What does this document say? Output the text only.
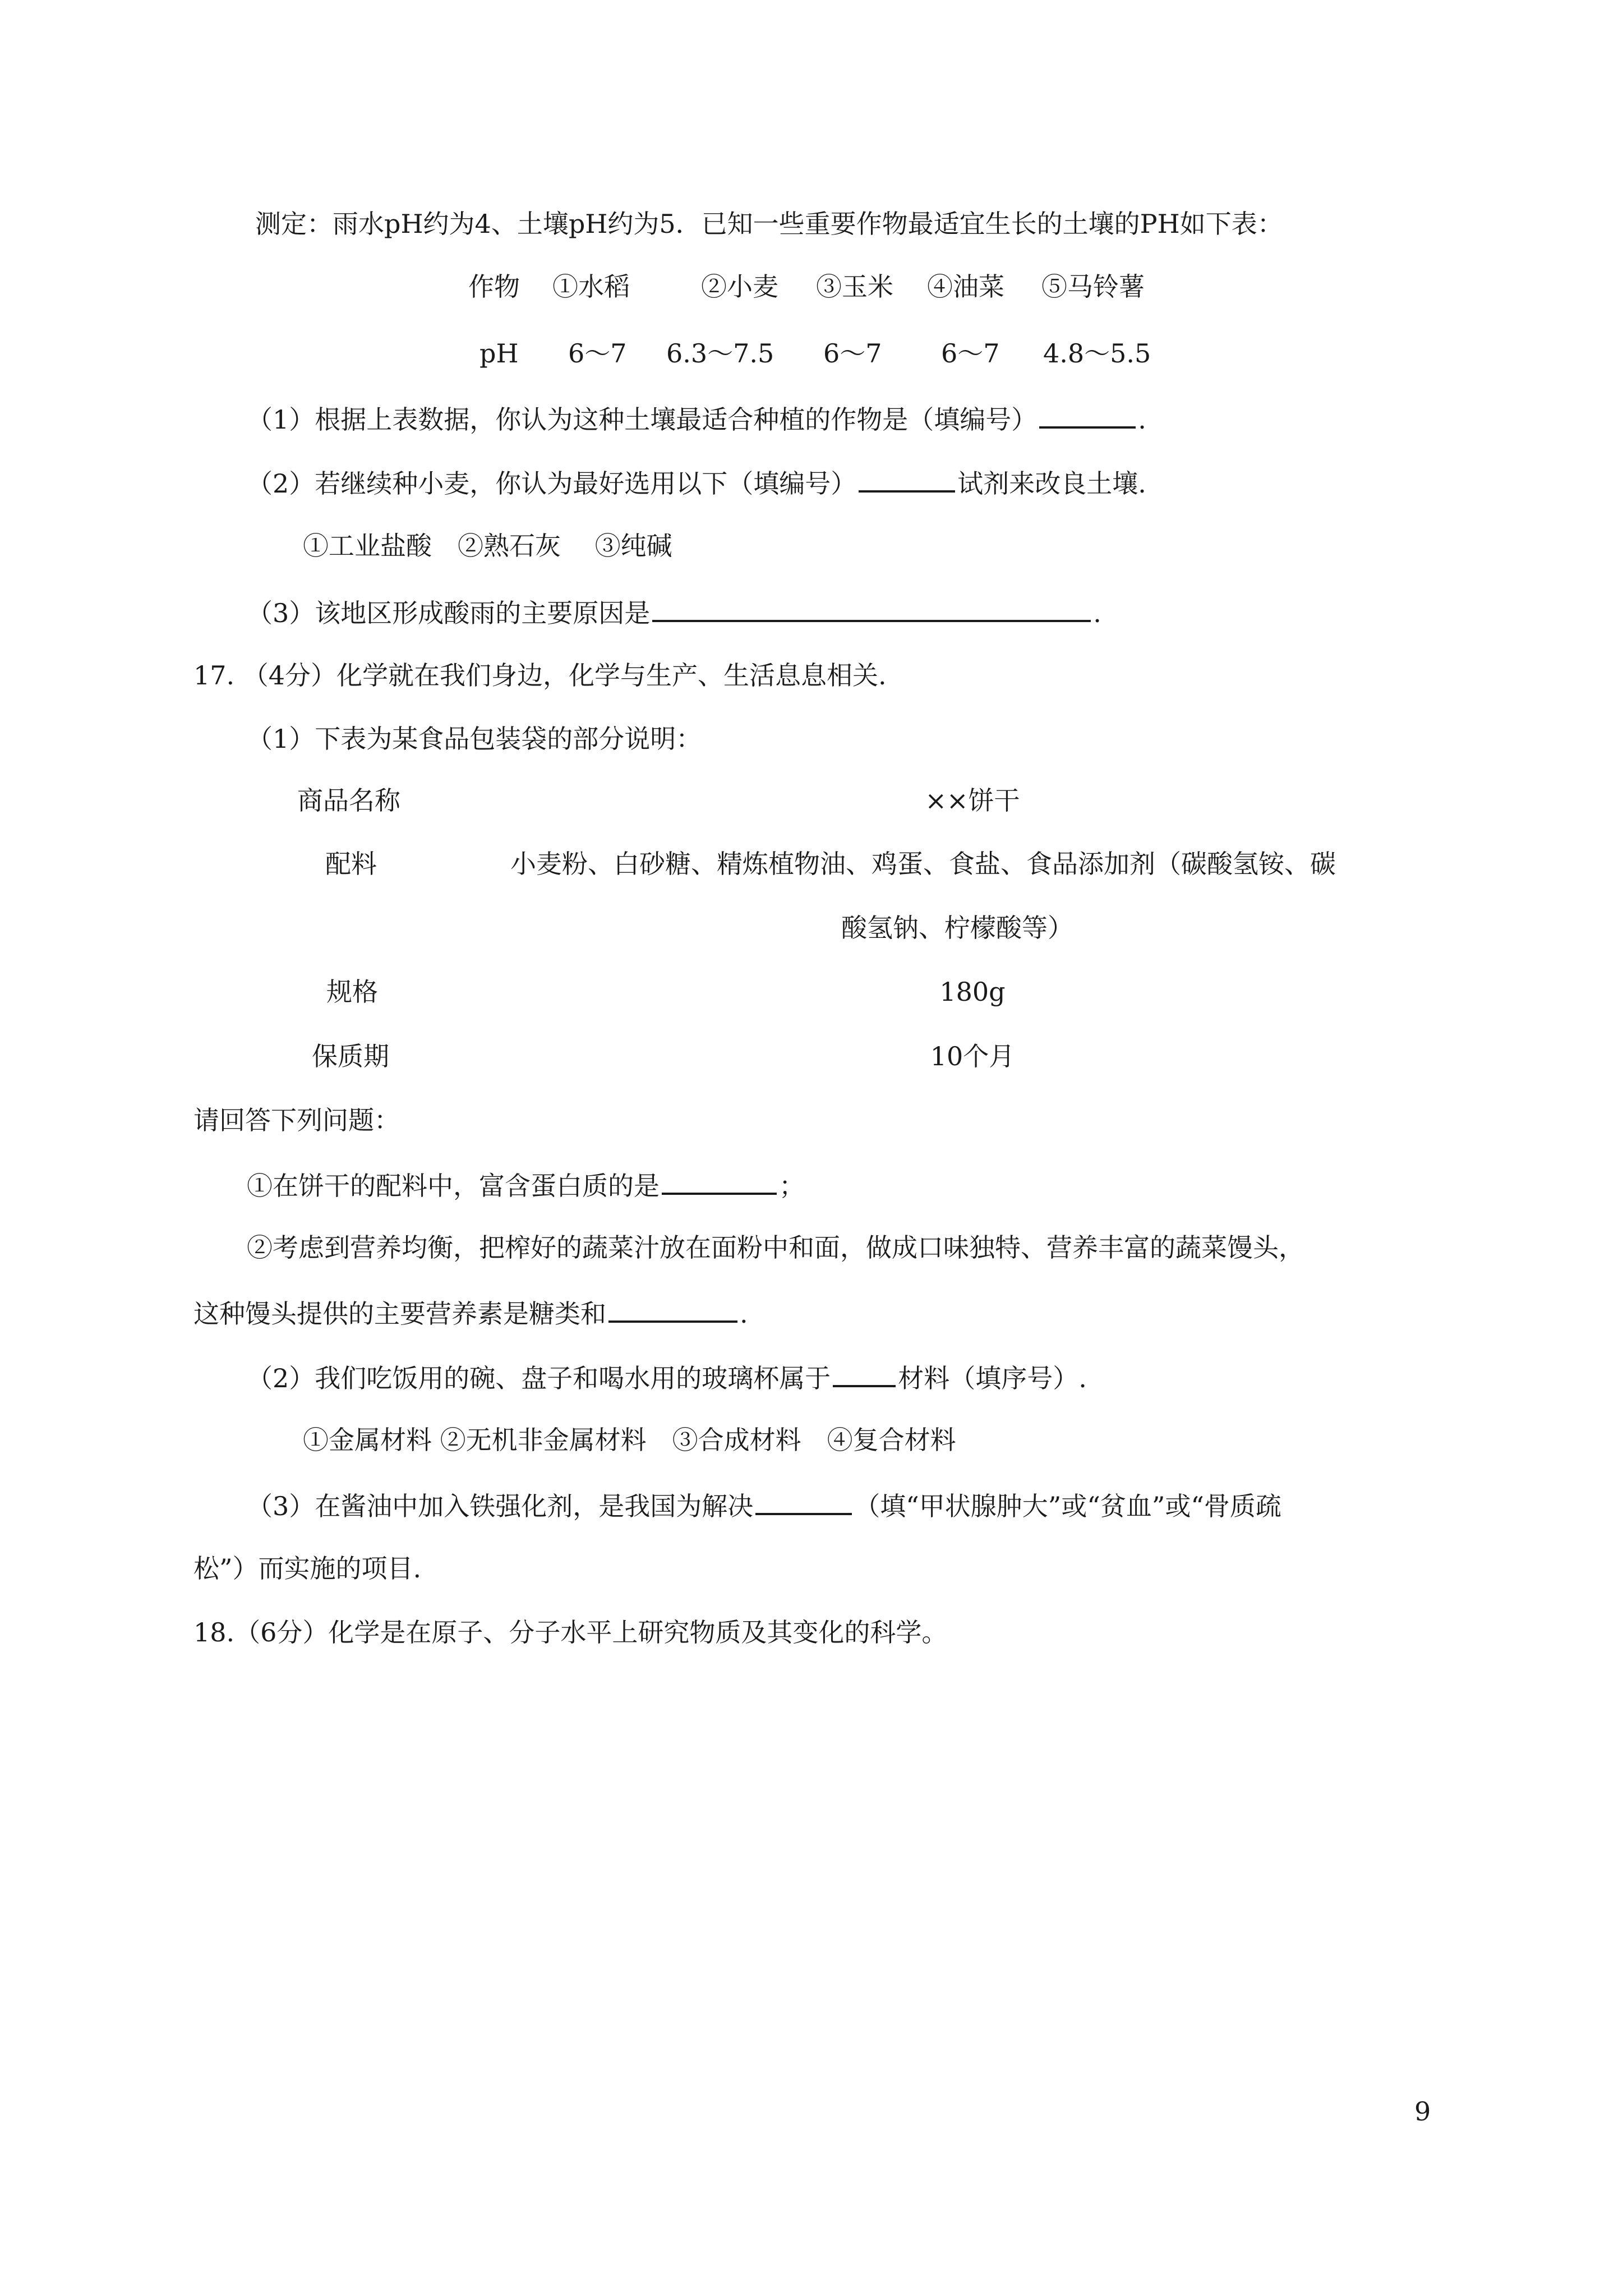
测定：雨水pH约为4、土壤pH约为5．已知一些重要作物最适宜生长的土壤的PH如下表：
作物 ①水稻	②小麦 ③玉米 ④油菜 ⑤马铃薯
pH 6～7 6.3～7.5 6～7 6～7 4.8～5.5
（1）根据上表数据，你认为这种土壤最适合种植的作物是（填编号）	.
（2）若继续种小麦，你认为最好选用以下（填编号）	试剂来改良土壤.
①工业盐酸　②熟石灰　 ③纯碱
（3）该地区形成酸雨的主要原因是	.
17. （4分）化学就在我们身边，化学与生产、生活息息相关.
（1）下表为某食品包装袋的部分说明：
商品名称	××饼干
配料	小麦粉、白砂糖、精炼植物油、鸡蛋、食盐、食品添加剂（碳酸氢铵、碳
酸氢钠、柠檬酸等）
规格	180g
保质期	10个月
请回答下列问题：
①在饼干的配料中，富含蛋白质的是	；
②考虑到营养均衡，把榨好的蔬菜汁放在面粉中和面，做成口味独特、营养丰富的蔬菜馒头，
这种馒头提供的主要营养素是糖类和	.
（2）我们吃饭用的碗、盘子和喝水用的玻璃杯属于	材料（填序号）.
①金属材料 ②无机非金属材料　③合成材料　④复合材料
（3）在酱油中加入铁强化剂，是我国为解决	（填“甲状腺肿大”或“贫血”或“骨质疏
松”）而实施的项目.
18.（6分）化学是在原子、分子水平上研究物质及其变化的科学。
9
